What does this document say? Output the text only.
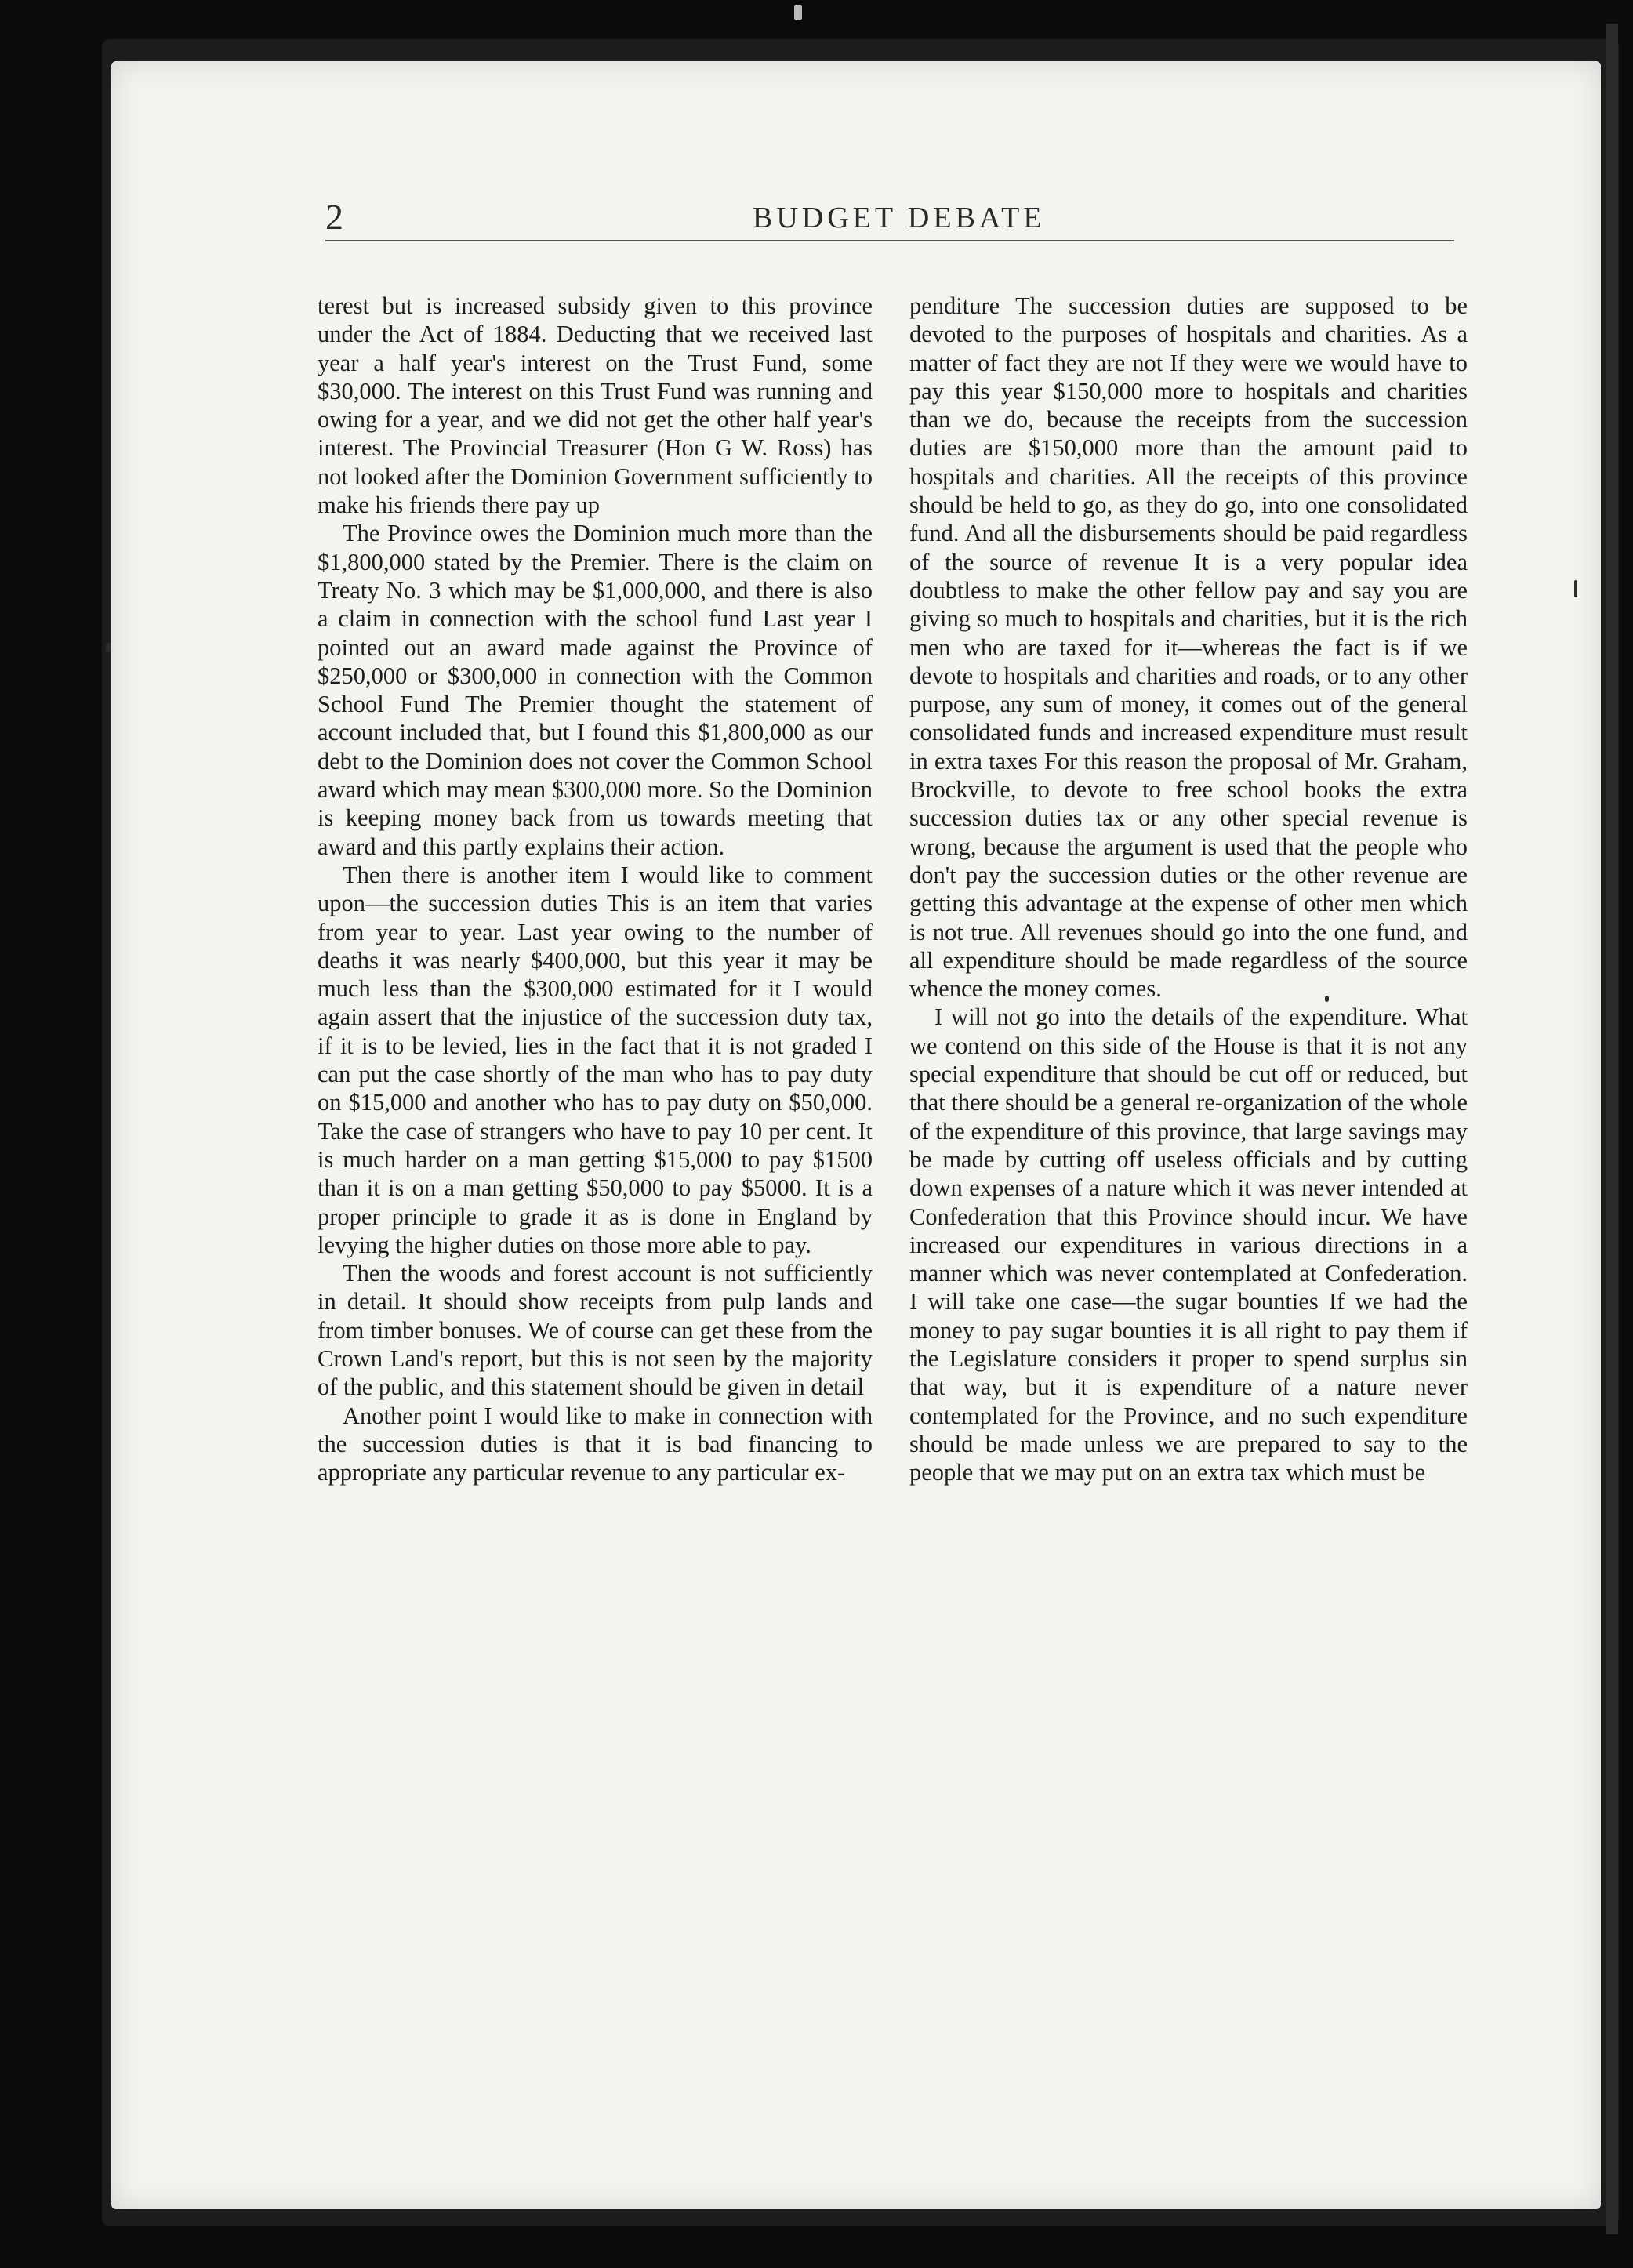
2	BUDGET DEBATE

terest but is increased subsidy given to this province under the Act of 1884. Deducting that we received last year a half year's interest on the Trust Fund, some $30,000. The interest on this Trust Fund was running and owing for a year, and we did not get the other half year's interest. The Provincial Treasurer (Hon G W. Ross) has not looked after the Dominion Government sufficiently to make his friends there pay up

The Province owes the Dominion much more than the $1,800,000 stated by the Premier. There is the claim on Treaty No. 3 which may be $1,000,000, and there is also a claim in connection with the school fund Last year I pointed out an award made against the Province of $250,000 or $300,000 in connection with the Common School Fund The Premier thought the statement of account included that, but I found this $1,800,000 as our debt to the Dominion does not cover the Common School award which may mean $300,000 more. So the Dominion is keeping money back from us towards meeting that award and this partly explains their action.

Then there is another item I would like to comment upon—the succession duties This is an item that varies from year to year. Last year owing to the number of deaths it was nearly $400,000, but this year it may be much less than the $300,000 estimated for it I would again assert that the injustice of the succession duty tax, if it is to be levied, lies in the fact that it is not graded I can put the case shortly of the man who has to pay duty on $15,000 and another who has to pay duty on $50,000. Take the case of strangers who have to pay 10 per cent. It is much harder on a man getting $15,000 to pay $1500 than it is on a man getting $50,000 to pay $5000. It is a proper principle to grade it as is done in England by levying the higher duties on those more able to pay.

Then the woods and forest account is not sufficiently in detail. It should show receipts from pulp lands and from timber bonuses. We of course can get these from the Crown Land's report, but this is not seen by the majority of the public, and this statement should be given in detail

Another point I would like to make in connection with the succession duties is that it is bad financing to appropriate any particular revenue to any particular ex-

penditure The succession duties are supposed to be devoted to the purposes of hospitals and charities. As a matter of fact they are not If they were we would have to pay this year $150,000 more to hospitals and charities than we do, because the receipts from the succession duties are $150,000 more than the amount paid to hospitals and charities. All the receipts of this province should be held to go, as they do go, into one consolidated fund. And all the disbursements should be paid regardless of the source of revenue It is a very popular idea doubtless to make the other fellow pay and say you are giving so much to hospitals and charities, but it is the rich men who are taxed for it—whereas the fact is if we devote to hospitals and charities and roads, or to any other purpose, any sum of money, it comes out of the general consolidated funds and increased expenditure must result in extra taxes For this reason the proposal of Mr. Graham, Brockville, to devote to free school books the extra succession duties tax or any other special revenue is wrong, because the argument is used that the people who don't pay the succession duties or the other revenue are getting this advantage at the expense of other men which is not true. All revenues should go into the one fund, and all expenditure should be made regardless of the source whence the money comes.

I will not go into the details of the expenditure. What we contend on this side of the House is that it is not any special expenditure that should be cut off or reduced, but that there should be a general re-organization of the whole of the expenditure of this province, that large savings may be made by cutting off useless officials and by cutting down expenses of a nature which it was never intended at Confederation that this Province should incur. We have increased our expenditures in various directions in a manner which was never contemplated at Confederation. I will take one case—the sugar bounties If we had the money to pay sugar bounties it is all right to pay them if the Legislature considers it proper to spend surplus sin that way, but it is expenditure of a nature never contemplated for the Province, and no such expenditure should be made unless we are prepared to say to the people that we may put on an extra tax which must be
